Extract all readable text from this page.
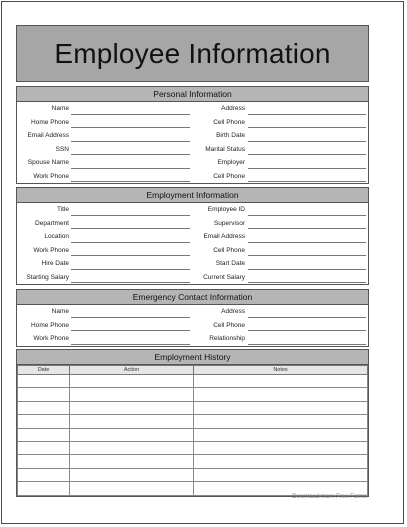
Employee Information
Personal Information
Name	Address
Home Phone	Cell Phone
Email Address	Birth Date
SSN	Marital Status
Spouse Name	Employer
Work Phone	Cell Phone
Employment Information
Title	Employee ID
Department	Supervisor
Location	Email Address
Work Phone	Cell Phone
Hire Date	Start Date
Starting Salary	Current Salary
Emergency Contact Information
Name	Address
Home Phone	Cell Phone
Work Phone	Relationship
Employment History
Date	Action	Notes

Download more Free Forms
